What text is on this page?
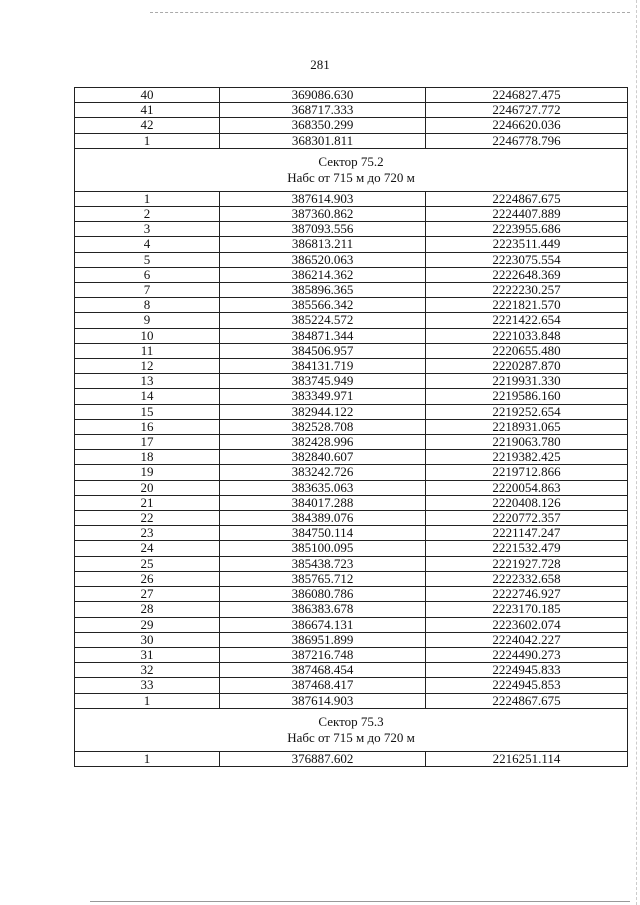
281
40	369086.630	2246827.475
41	368717.333	2246727.772
42	368350.299	2246620.036
1	368301.811	2246778.796

Сектор 75.2
Набс от 715 м до 720 м		

1	387614.903	2224867.675
2	387360.862	2224407.889
3	387093.556	2223955.686
4	386813.211	2223511.449
5	386520.063	2223075.554
6	386214.362	2222648.369
7	385896.365	2222230.257
8	385566.342	2221821.570
9	385224.572	2221422.654
10	384871.344	2221033.848
11	384506.957	2220655.480
12	384131.719	2220287.870
13	383745.949	2219931.330
14	383349.971	2219586.160
15	382944.122	2219252.654
16	382528.708	2218931.065
17	382428.996	2219063.780
18	382840.607	2219382.425
19	383242.726	2219712.866
20	383635.063	2220054.863
21	384017.288	2220408.126
22	384389.076	2220772.357
23	384750.114	2221147.247
24	385100.095	2221532.479
25	385438.723	2221927.728
26	385765.712	2222332.658
27	386080.786	2222746.927
28	386383.678	2223170.185
29	386674.131	2223602.074
30	386951.899	2224042.227
31	387216.748	2224490.273
32	387468.454	2224945.833
33	387468.417	2224945.853
1	387614.903	2224867.675

Сектор 75.3
Набс от 715 м до 720 м		

1	376887.602	2216251.114
